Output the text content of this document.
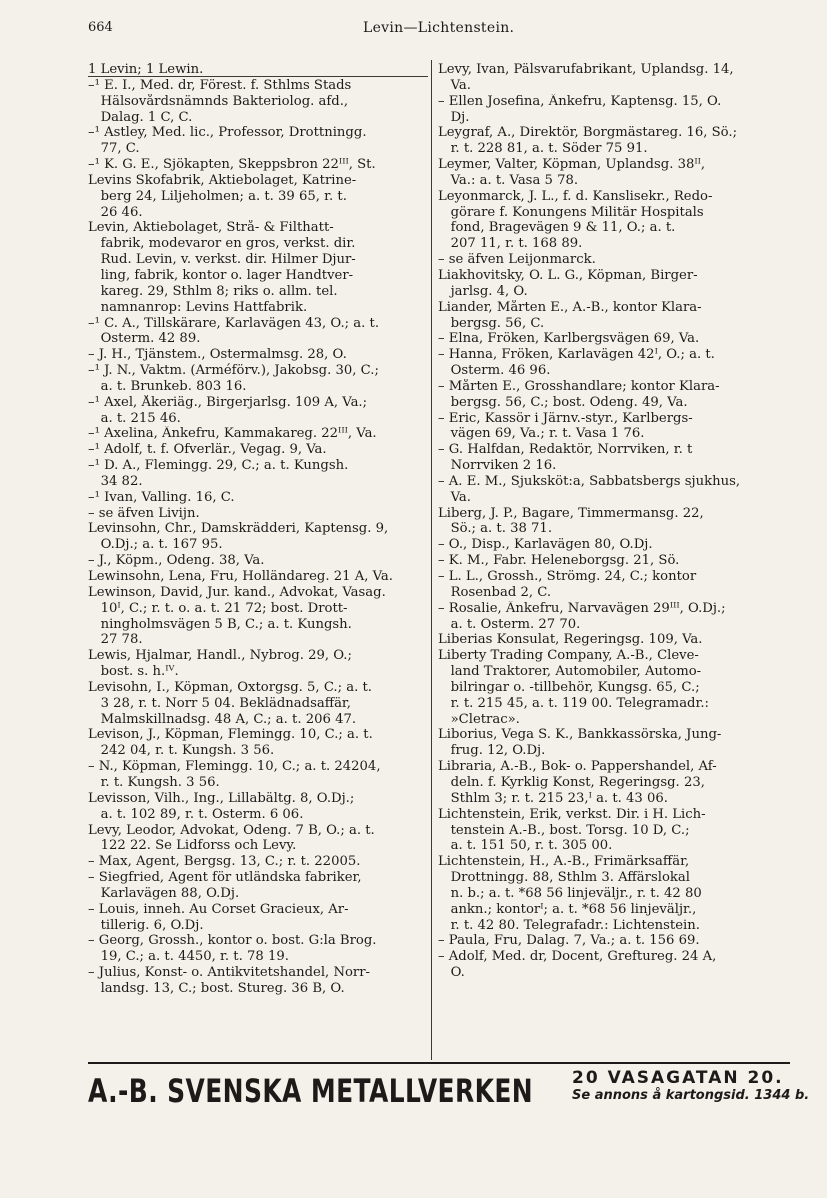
664	Levin—Lichtenstein.
1 Levin; 1 Lewin.
–¹ E. I., Med. dr, Förest. f. Sthlms Stads
Hälsovårdsnämnds Bakteriolog. afd.,
Dalag. 1 C, C.
–¹ Astley, Med. lic., Professor, Drottningg.
77, C.
–¹ K. G. E., Sjökapten, Skeppsbron 22ᴵᴵᴵ, St.
Levins Skofabrik, Aktiebolaget, Katrine-
berg 24, Liljeholmen; a. t. 39 65, r. t.
26 46.
Levin, Aktiebolaget, Strå- & Filthatt-
fabrik, modevaror en gros, verkst. dir.
Rud. Levin, v. verkst. dir. Hilmer Djur-
ling, fabrik, kontor o. lager Handtver-
kareg. 29, Sthlm 8; riks o. allm. tel.
namnanrop: Levins Hattfabrik.
–¹ C. A., Tillskärare, Karlavägen 43, Ö.; a. t.
Österm. 42 89.
– J. H., Tjänstem., Östermalmsg. 28, Ö.
–¹ J. N., Vaktm. (Arméförv.), Jakobsg. 30, C.;
a. t. Brunkeb. 803 16.
–¹ Axel, Åkeriäg., Birgerjarlsg. 109 A, Va.;
a. t. 215 46.
–¹ Axelina, Änkefru, Kammakareg. 22ᴵᴵᴵ, Va.
–¹ Adolf, t. f. Öfverlär., Vegag. 9, Va.
–¹ D. A., Flemingg. 29, C.; a. t. Kungsh.
34 82.
–¹ Ivan, Valling. 16, C.
– se äfven Livijn.
Levinsohn, Chr., Damskrädderi, Kaptensg. 9,
Ö.Dj.; a. t. 167 95.
– J., Köpm., Odeng. 38, Va.
Lewinsohn, Lena, Fru, Holländareg. 21 A, Va.
Lewinson, David, Jur. kand., Advokat, Vasag.
10ᴵ, C.; r. t. o. a. t. 21 72; bost. Drott-
ningholmsvägen 5 B, C.; a. t. Kungsh.
27 78.
Lewis, Hjalmar, Handl., Nybrog. 29, Ö.;
bost. s. h.ᴵⱽ.
Levisohn, I., Köpman, Oxtorgsg. 5, C.; a. t.
3 28, r. t. Norr 5 04. Beklädnadsaffär,
Malmskillnadsg. 48 A, C.; a. t. 206 47.
Levison, J., Köpman, Flemingg. 10, C.; a. t.
242 04, r. t. Kungsh. 3 56.
– N., Köpman, Flemingg. 10, C.; a. t. 24204,
r. t. Kungsh. 3 56.
Levisson, Vilh., Ing., Lillabältg. 8, Ö.Dj.;
a. t. 102 89, r. t. Österm. 6 06.
Levy, Leodor, Advokat, Odeng. 7 B, Ö.; a. t.
122 22. Se Lidforss och Levy.
– Max, Agent, Bergsg. 13, C.; r. t. 22005.
– Siegfried, Agent för utländska fabriker,
Karlavägen 88, Ö.Dj.
– Louis, inneh. Au Corset Gracieux, Ar-
tillerig. 6, Ö.Dj.
– Georg, Grossh., kontor o. bost. G:la Brog.
19, C.; a. t. 4450, r. t. 78 19.
– Julius, Konst- o. Antikvitetshandel, Norr-
landsg. 13, C.; bost. Stureg. 36 B, Ö.
Levy, Ivan, Pälsvarufabrikant, Uplandsg. 14,
Va.
– Ellen Josefina, Änkefru, Kaptensg. 15, Ö.
Dj.
Leygraf, A., Direktör, Borgmästareg. 16, Sö.;
r. t. 228 81, a. t. Söder 75 91.
Leymer, Valter, Köpman, Uplandsg. 38ᴵᴵ,
Va.: a. t. Vasa 5 78.
Leyonmarck, J. L., f. d. Kanslisekr., Redo-
görare f. Konungens Militär Hospitals
fond, Bragevägen 9 & 11, Ö.; a. t.
207 11, r. t. 168 89.
– se äfven Leijonmarck.
Liakhovitsky, O. L. G., Köpman, Birger-
jarlsg. 4, Ö.
Liander, Mårten E., A.-B., kontor Klara-
bergsg. 56, C.
– Elna, Fröken, Karlbergsvägen 69, Va.
– Hanna, Fröken, Karlavägen 42ᴵ, Ö.; a. t.
Österm. 46 96.
– Mårten E., Grosshandlare; kontor Klara-
bergsg. 56, C.; bost. Odeng. 49, Va.
– Eric, Kassör i Järnv.-styr., Karlbergs-
vägen 69, Va.; r. t. Vasa 1 76.
– G. Halfdan, Redaktör, Norrviken, r. t
Norrviken 2 16.
– A. E. M., Sjuksköt:a, Sabbatsbergs sjukhus,
Va.
Liberg, J. P., Bagare, Timmermansg. 22,
Sö.; a. t. 38 71.
– O., Disp., Karlavägen 80, Ö.Dj.
– K. M., Fabr. Heleneborgsg. 21, Sö.
– L. L., Grossh., Strömg. 24, C.; kontor
Rosenbad 2, C.
– Rosalie, Änkefru, Narvavägen 29ᴵᴵᴵ, Ö.Dj.;
a. t. Österm. 27 70.
Liberias Konsulat, Regeringsg. 109, Va.
Liberty Trading Company, A.-B., Cleve-
land Traktorer, Automobiler, Automo-
bilringar o. -tillbehör, Kungsg. 65, C.;
r. t. 215 45, a. t. 119 00. Telegramadr.:
»Cletrac».
Liborius, Vega S. K., Bankkassörska, Jung-
frug. 12, Ö.Dj.
Libraria, A.-B., Bok- o. Pappershandel, Af-
deln. f. Kyrklig Konst, Regeringsg. 23,
Sthlm 3; r. t. 215 23,ᴵ a. t. 43 06.
Lichtenstein, Erik, verkst. Dir. i H. Lich-
tenstein A.-B., bost. Torsg. 10 D, C.;
a. t. 151 50, r. t. 305 00.
Lichtenstein, H., A.-B., Frimärksaffär,
Drottningg. 88, Sthlm 3. Affärslokal
n. b.; a. t. *68 56 linjeväljr., r. t. 42 80
ankn.; kontorᴵ; a. t. *68 56 linjeväljr.,
r. t. 42 80. Telegrafadr.: Lichtenstein.
– Paula, Fru, Dalag. 7, Va.; a. t. 156 69.
– Adolf, Med. dr, Docent, Greftureg. 24 A,
Ö.
A.-B. SVENSKA METALLVERKEN 20 VASAGATAN 20.
Se annons å kartongsid. 1344 b.
